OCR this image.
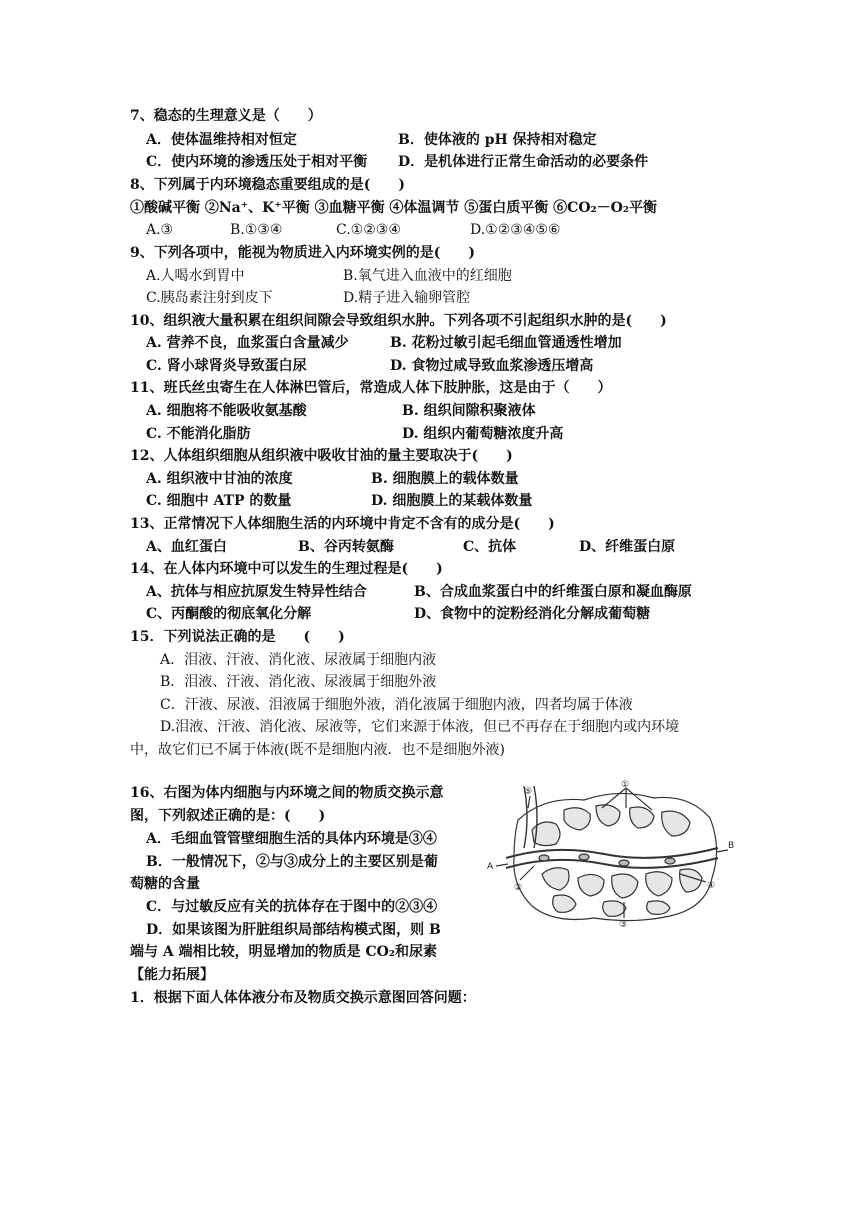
7、稳态的生理意义是（　　）
A．使体温维持相对恒定	B．使体液的 pH 保持相对稳定
C．使内环境的渗透压处于相对平衡 D．是机体进行正常生命活动的必要条件
8、下列属于内环境稳态重要组成的是(　　)
①酸碱平衡 ②Na⁺、K⁺平衡 ③血糖平衡 ④体温调节 ⑤蛋白质平衡 ⑥CO₂－O₂平衡
A.③	B.①③④	C.①②③④	D.①②③④⑤⑥
9、下列各项中，能视为物质进入内环境实例的是(　　)
A.人喝水到胃中	B.氧气进入血液中的红细胞
C.胰岛素注射到皮下	D.精子进入输卵管腔
10、组织液大量积累在组织间隙会导致组织水肿。下列各项不引起组织水肿的是(　　)
A. 营养不良，血浆蛋白含量减少	B. 花粉过敏引起毛细血管通透性增加
C. 肾小球肾炎导致蛋白尿	D. 食物过咸导致血浆渗透压增高
11、班氏丝虫寄生在人体淋巴管后，常造成人体下肢肿胀，这是由于（　　）
A. 细胞将不能吸收氨基酸	B. 组织间隙积聚液体
C. 不能消化脂肪	D. 组织内葡萄糖浓度升高
12、人体组织细胞从组织液中吸收甘油的量主要取决于(　　)
A. 组织液中甘油的浓度	B. 细胞膜上的载体数量
C. 细胞中 ATP 的数量	D. 细胞膜上的某载体数量
13、正常情况下人体细胞生活的内环境中肯定不含有的成分是(　　)
A、血红蛋白	B、谷丙转氨酶	C、抗体	D、纤维蛋白原
14、在人体内环境中可以发生的生理过程是(　　)
A、抗体与相应抗原发生特异性结合	B、合成血浆蛋白中的纤维蛋白原和凝血酶原
C、丙酮酸的彻底氧化分解	D、食物中的淀粉经消化分解成葡萄糖
15．下列说法正确的是　　(　　)
A．泪液、汗液、消化液、尿液属于细胞内液
B．泪液、汗液、消化液、尿液属于细胞外液
C．汗液、尿液、泪液属于细胞外液，消化液属于细胞内液，四者均属于体液
D.泪液、汗液、消化液、尿液等，它们来源于体液，但已不再存在于细胞内或内环境
中，故它们已不属于体液(既不是细胞内液．也不是细胞外液)
16、右图为体内细胞与内环境之间的物质交换示意
图，下列叙述正确的是：(　　)
A．毛细血管管壁细胞生活的具体内环境是③④
B．一般情况下，②与③成分上的主要区别是葡
萄糖的含量
C．与过敏反应有关的抗体存在于图中的②③④
D．如果该图为肝脏组织局部结构模式图，则 B
端与 A 端相比较，明显增加的物质是 CO₂和尿素
A
B
①
②
③
④
⑤
【能力拓展】
1．根据下面人体体液分布及物质交换示意图回答问题：
